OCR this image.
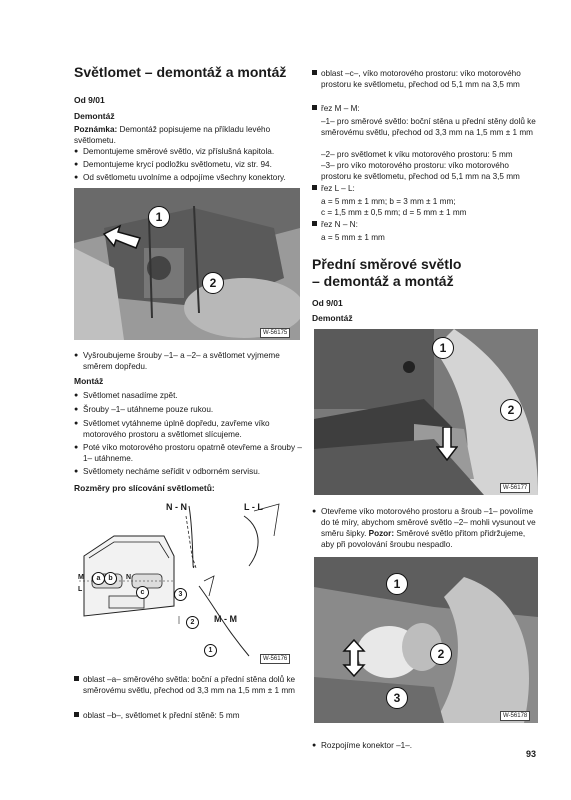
Světlomet – demontáž a montáž
Od 9/01
Demontáž
Poznámka: Demontáž popisujeme na příkladu levého světlometu.
● Demontujeme směrové světlo, viz příslušná kapitola.
● Demontujeme krycí podložku světlometu, viz str. 94.
● Od světlometu uvolníme a odpojíme všechny konektory.
1
2
W-56175
● Vyšroubujeme šrouby –1– a –2– a světlomet vyjmeme směrem dopředu.
Montáž
● Světlomet nasadíme zpět.
● Šrouby –1– utáhneme pouze rukou.
● Světlomet vytáhneme úplně dopředu, zavřeme víko motorového prostoru a světlomet slícujeme.
● Poté víko motorového prostoru opatrně otevřeme a šrouby –1– utáhneme.
● Světlomety necháme seřídit v odborném servisu.
Rozměry pro slícování světlometů:
N - N	L - L
M - M
M
L
N
a	b
c	3
2
1
W-56176
oblast –a– směrového světla: boční a přední stěna dolů ke směrovému světlu, přechod od 3,3 mm na 1,5 mm ± 1 mm
oblast –b–, světlomet k přední stěně: 5 mm
oblast –c–, víko motorového prostoru: víko motorového prostoru ke světlometu, přechod od 5,1 mm na 3,5 mm
řez M – M:
–1– pro směrové světlo: boční stěna u přední stěny dolů ke směrovému světlu, přechod od 3,3 mm na 1,5 mm ± 1 mm
–2– pro světlomet k víku motorového prostoru: 5 mm
–3– pro víko motorového prostoru: víko motorového prostoru ke světlometu, přechod od 5,1 mm na 3,5 mm
řez L – L:
a = 5 mm ± 1 mm; b = 3 mm ± 1 mm;
c = 1,5 mm ± 0,5 mm; d = 5 mm ± 1 mm
řez N – N:
a = 5 mm ± 1 mm
Přední směrové světlo
– demontáž a montáž
Od 9/01
Demontáž
1
2
W-56177
● Otevřeme víko motorového prostoru a šroub –1– povolíme do té míry, abychom směrové světlo –2– mohli vysunout ve směru šipky. Pozor: Směrové světlo přitom přidržujeme, aby při povolování šroubu nespadlo.
1
2
3
W-56178
● Rozpojíme konektor –1–.
93
